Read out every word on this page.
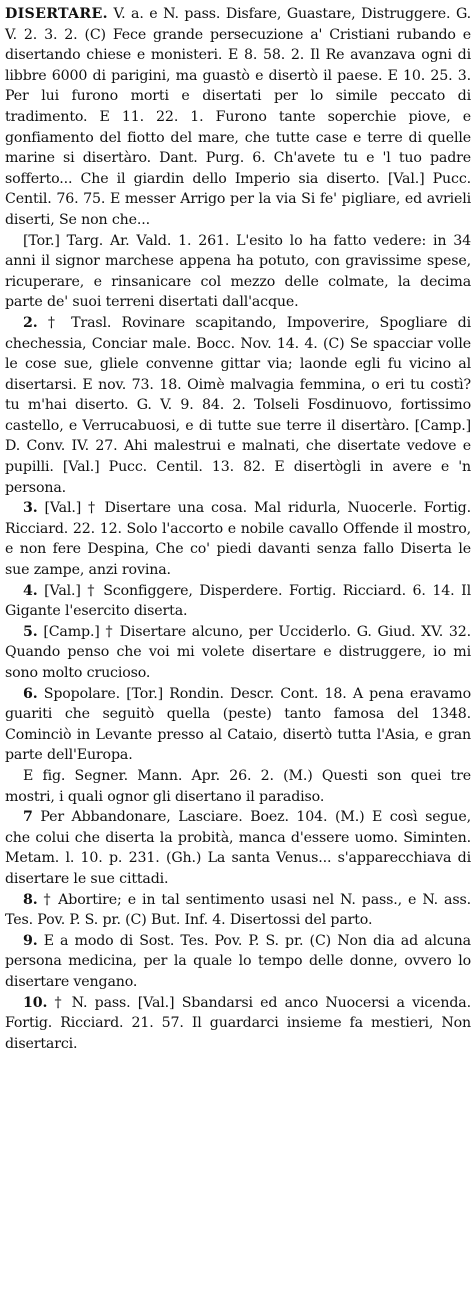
DISERTARE. V. a. e N. pass. Disfare, Guastare, Distruggere. G. V. 2. 3. 2. (C) Fece grande persecuzione a' Cristiani rubando e disertando chiese e monisteri. E 8. 58. 2. Il Re avanzava ogni di libbre 6000 di parigini, ma guastò e disertò il paese. E 10. 25. 3. Per lui furono morti e disertati per lo simile peccato di tradimento. E 11. 22. 1. Furono tante soperchie piove, e gonfiamento del fiotto del mare, che tutte case e terre di quelle marine si disertàro. Dant. Purg. 6. Ch'avete tu e 'l tuo padre sofferto... Che il giardin dello Imperio sia diserto. [Val.] Pucc. Centil. 76. 75. E messer Arrigo per la via Si fe' pigliare, ed avrieli diserti, Se non che...

[Tor.] Targ. Ar. Vald. 1. 261. L'esito lo ha fatto vedere: in 34 anni il signor marchese appena ha potuto, con gravissime spese, ricuperare, e rinsanicare col mezzo delle colmate, la decima parte de' suoi terreni disertati dall'acque.

2. † Trasl. Rovinare scapitando, Impoverire, Spogliare di chechessia, Conciar male. Bocc. Nov. 14. 4. (C) Se spacciar volle le cose sue, gliele convenne gittar via; laonde egli fu vicino al disertarsi. E nov. 73. 18. Oimè malvagia femmina, o eri tu costì? tu m'hai diserto. G. V. 9. 84. 2. Tolseli Fosdinuovo, fortissimo castello, e Verrucabuosi, e di tutte sue terre il disertàro. [Camp.] D. Conv. IV. 27. Ahi malestrui e malnati, che disertate vedove e pupilli. [Val.] Pucc. Centil. 13. 82. E disertògli in avere e 'n persona.

3. [Val.] † Disertare una cosa. Mal ridurla, Nuocerle. Fortig. Ricciard. 22. 12. Solo l'accorto e nobile cavallo Offende il mostro, e non fere Despina, Che co' piedi davanti senza fallo Diserta le sue zampe, anzi rovina.

4. [Val.] † Sconfiggere, Disperdere. Fortig. Ricciard. 6. 14. Il Gigante l'esercito diserta.

5. [Camp.] † Disertare alcuno, per Ucciderlo. G. Giud. XV. 32. Quando penso che voi mi volete disertare e distruggere, io mi sono molto crucioso.

6. Spopolare. [Tor.] Rondin. Descr. Cont. 18. A pena eravamo guariti che seguitò quella (peste) tanto famosa del 1348. Cominciò in Levante presso al Cataio, disertò tutta l'Asia, e gran parte dell'Europa.

E fig. Segner. Mann. Apr. 26. 2. (M.) Questi son quei tre mostri, i quali ognor gli disertano il paradiso.

7 Per Abbandonare, Lasciare. Boez. 104. (M.) E così segue, che colui che diserta la probità, manca d'essere uomo. Siminten. Metam. l. 10. p. 231. (Gh.) La santa Venus... s'apparecchiava di disertare le sue cittadi.

8. † Abortire; e in tal sentimento usasi nel N. pass., e N. ass. Tes. Pov. P. S. pr. (C) But. Inf. 4. Disertossi del parto.

9. E a modo di Sost. Tes. Pov. P. S. pr. (C) Non dia ad alcuna persona medicina, per la quale lo tempo delle donne, ovvero lo disertare vengano.

10. † N. pass. [Val.] Sbandarsi ed anco Nuocersi a vicenda. Fortig. Ricciard. 21. 57. Il guardarci insieme fa mestieri, Non disertarci.
